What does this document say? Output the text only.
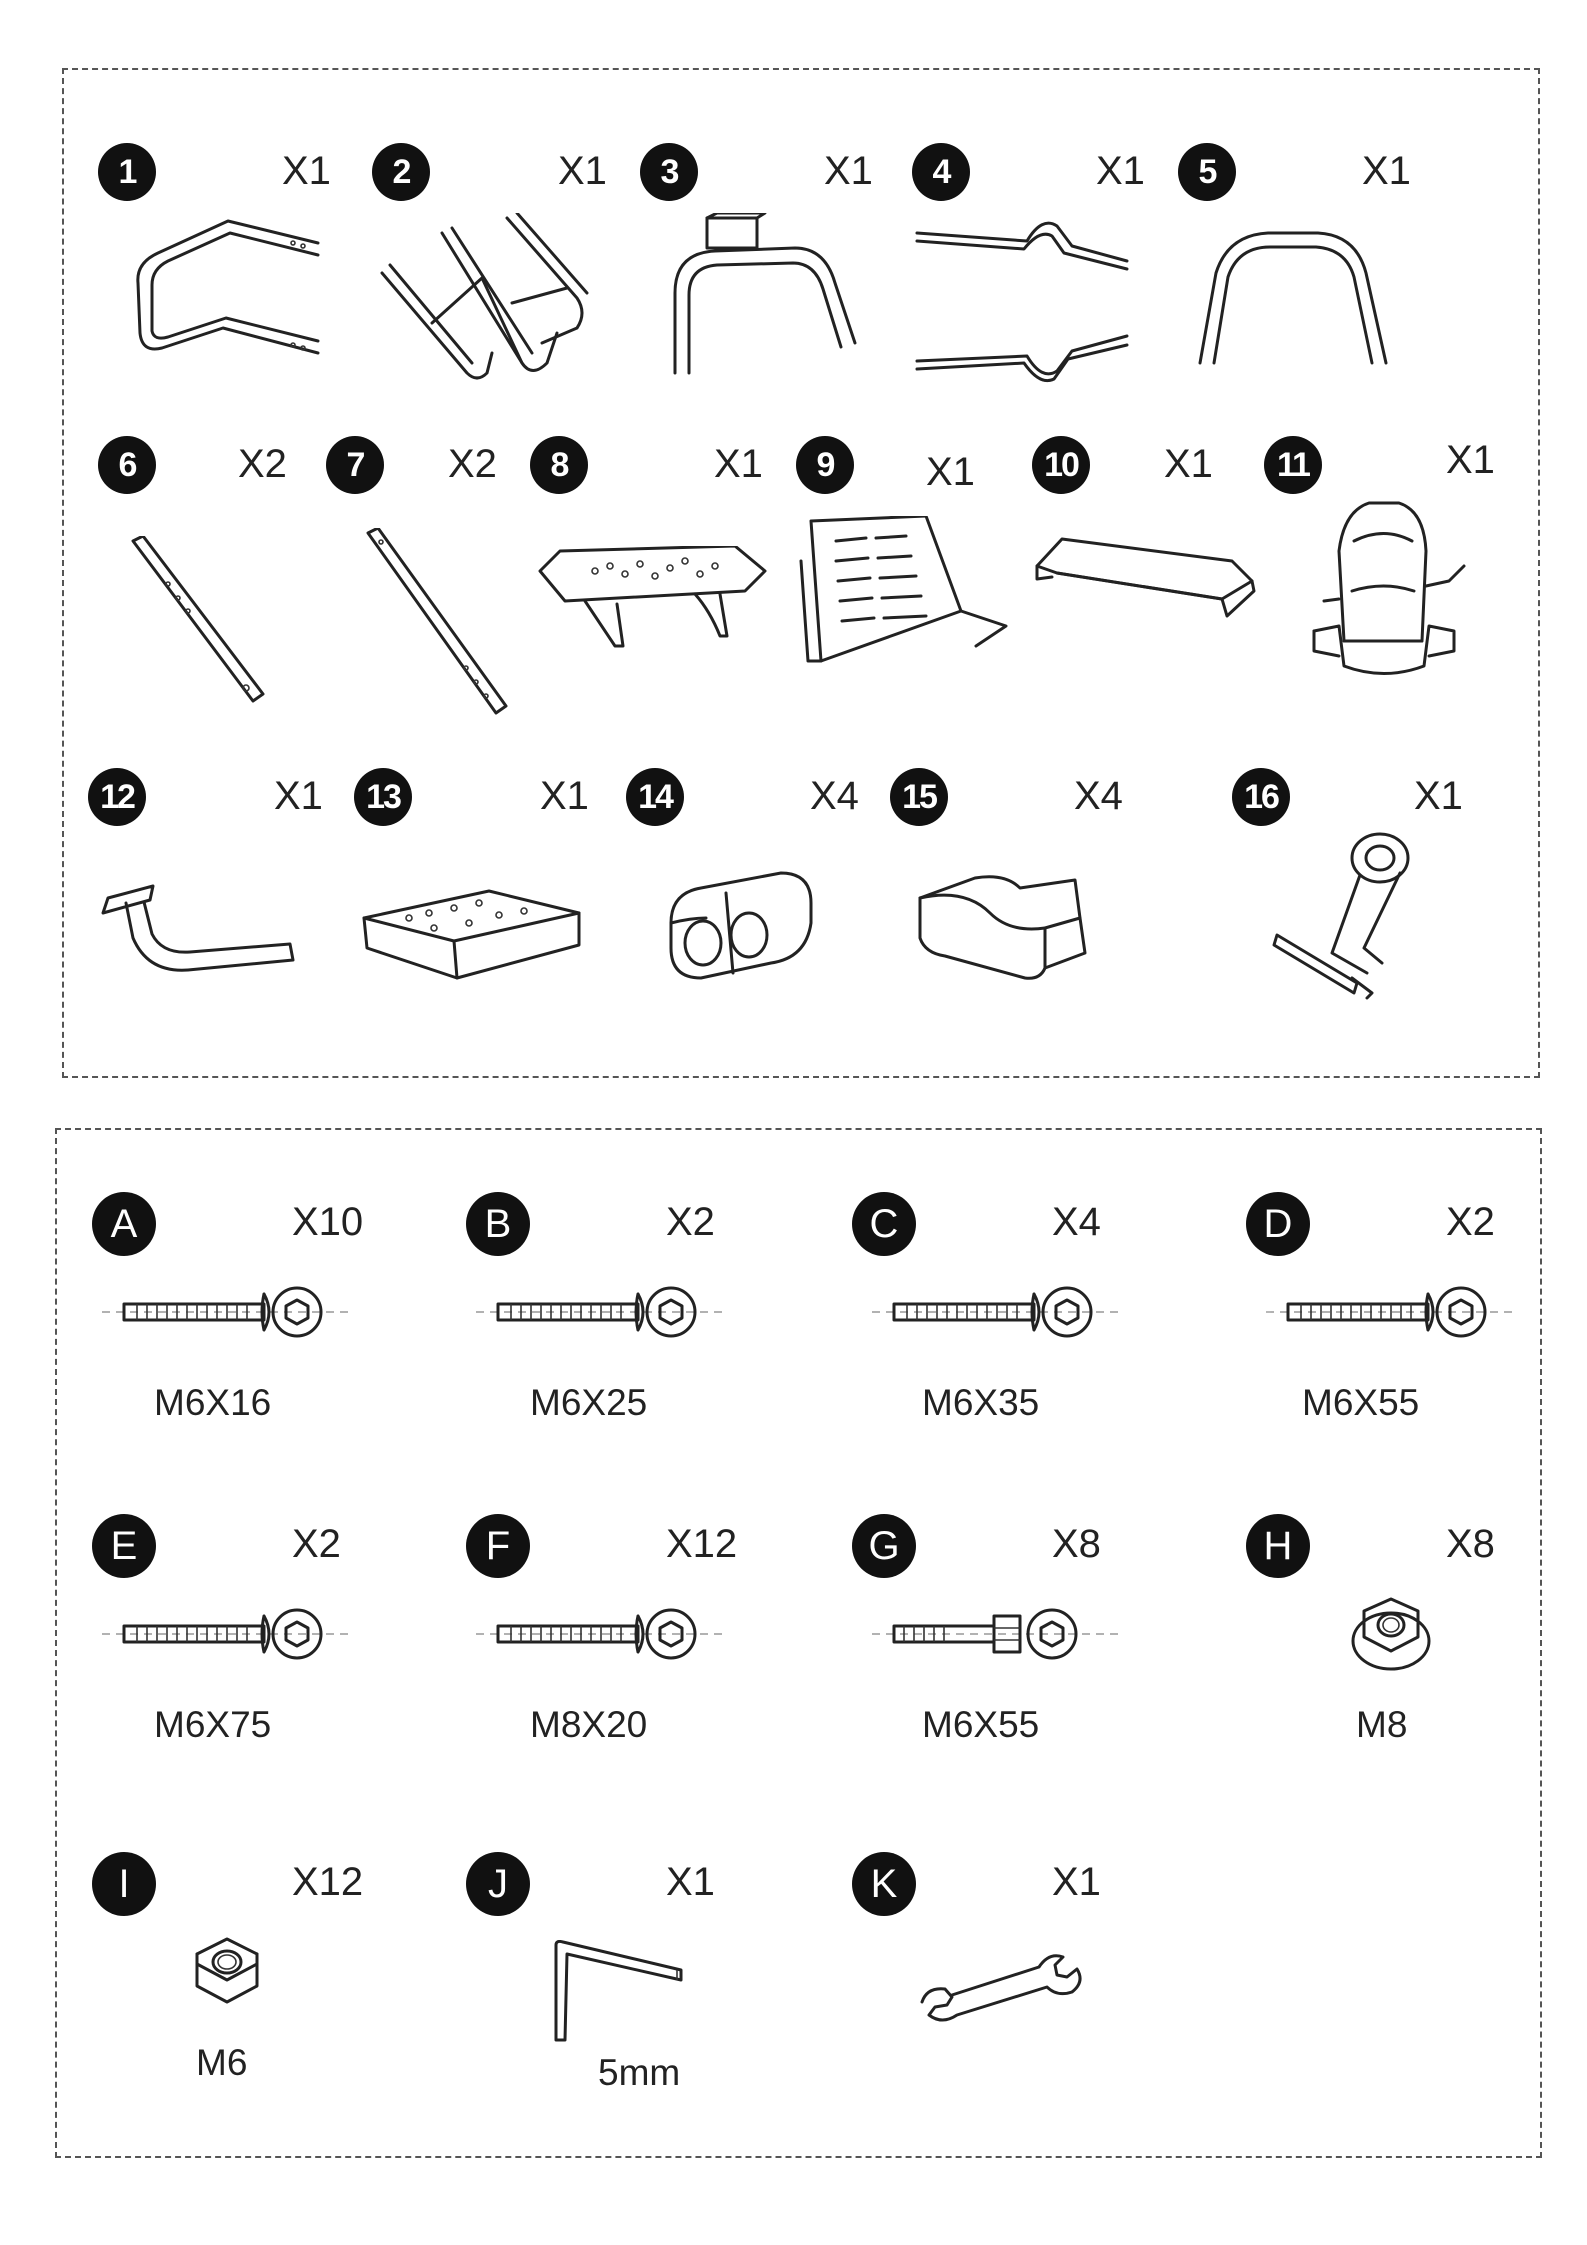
1	X1	2	X1	3	X1	4	X1	5	X1
6	X2	7	X2	8	X1	9	X1	10	X1	11	X1
12	X1	13	X1	14	X4	15	X4	16	X1
A	X10
M6X16
B	X2
M6X25
C	X4
M6X35
D	X2
M6X55
E	X2
M6X75
F	X12
M8X20
G	X8
M6X55
H	X8
M8
I	X12
M6
J	X1
5mm
K	X1
